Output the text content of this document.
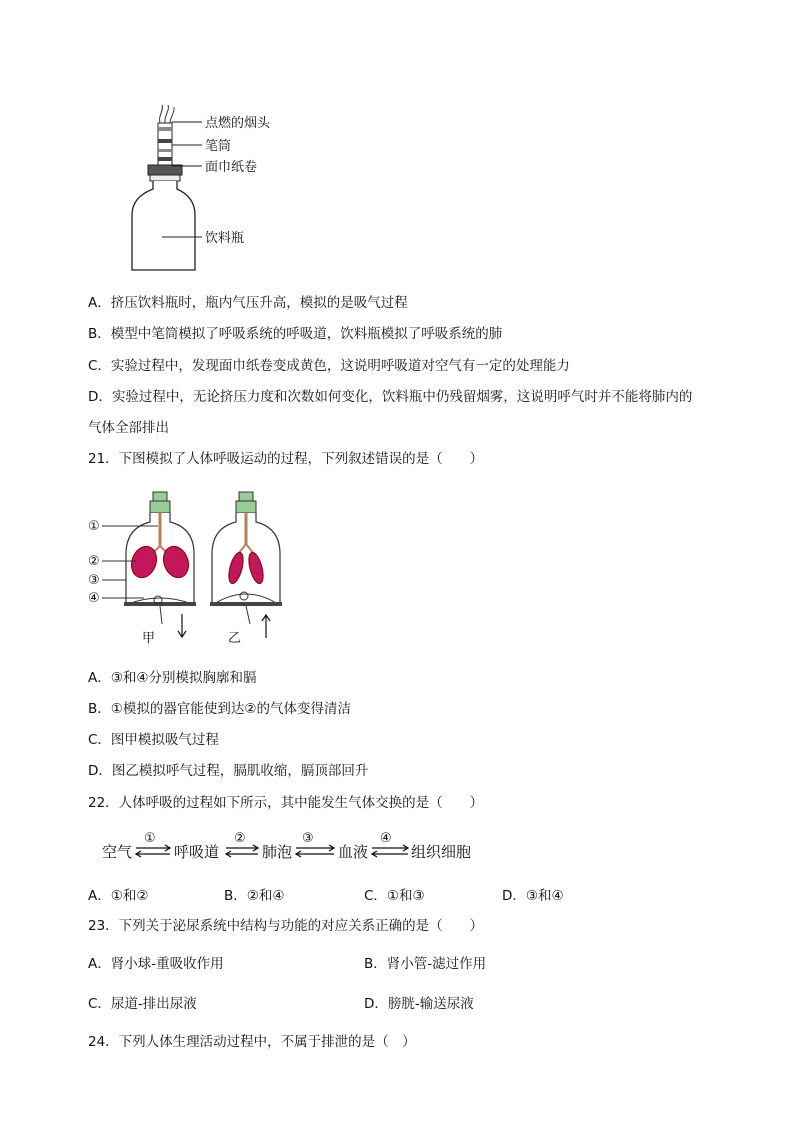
点燃的烟头
笔筒
面巾纸卷
饮料瓶
A．挤压饮料瓶时，瓶内气压升高，模拟的是吸气过程
B．模型中笔筒模拟了呼吸系统的呼吸道，饮料瓶模拟了呼吸系统的肺
C．实验过程中，发现面巾纸卷变成黄色，这说明呼吸道对空气有一定的处理能力
D．实验过程中，无论挤压力度和次数如何变化，饮料瓶中仍残留烟雾，这说明呼气时并不能将肺内的
气体全部排出
21．下图模拟了人体呼吸运动的过程，下列叙述错误的是（　　）
甲	乙
①
②
③
④
A．③和④分别模拟胸廓和膈
B．①模拟的器官能使到达②的气体变得清洁
C．图甲模拟吸气过程
D．图乙模拟呼气过程，膈肌收缩，膈顶部回升
22．人体呼吸的过程如下所示，其中能发生气体交换的是（　　）
空气	呼吸道	肺泡	血液	组织细胞
①	②	③	④
A．①和②	B．②和④	C．①和③	D．③和④
23．下列关于泌尿系统中结构与功能的对应关系正确的是（　　）
A．肾小球-重吸收作用	B．肾小管-滤过作用
C．尿道-排出尿液	D．膀胱-输送尿液
24．下列人体生理活动过程中，不属于排泄的是（　）
